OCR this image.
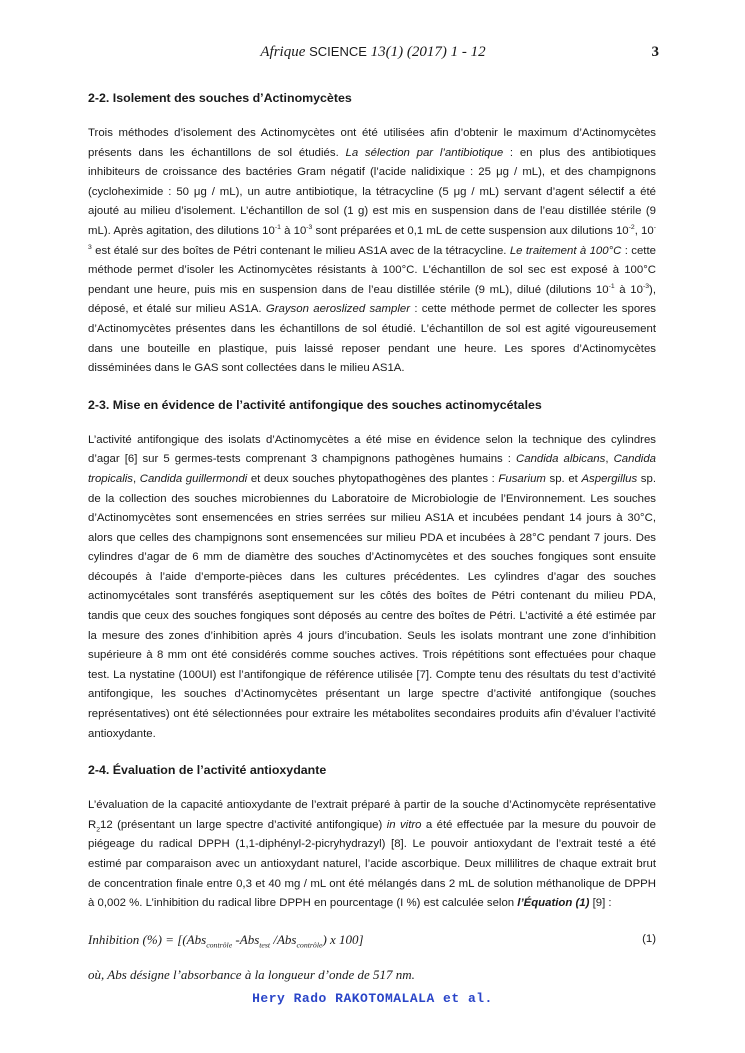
Afrique SCIENCE 13(1) (2017) 1 - 12	3
2-2. Isolement des souches d’Actinomycètes

Trois méthodes d’isolement des Actinomycètes ont été utilisées afin d’obtenir le maximum d’Actinomycètes présents dans les échantillons de sol étudiés. La sélection par l’antibiotique : en plus des antibiotiques inhibiteurs de croissance des bactéries Gram négatif (l’acide nalidixique : 25 μg / mL), et des champignons (cycloheximide : 50 μg / mL), un autre antibiotique, la tétracycline (5 μg / mL) servant d’agent sélectif a été ajouté au milieu d’isolement. L’échantillon de sol (1 g) est mis en suspension dans de l’eau distillée stérile (9 mL). Après agitation, des dilutions $10^{-1}$ à $10^{-3}$ sont préparées et 0,1 mL de cette suspension aux dilutions $10^{-2}$, $10^{-3}$ est étalé sur des boîtes de Pétri contenant le milieu AS1A avec de la tétracycline. Le traitement à 100°C : cette méthode permet d’isoler les Actinomycètes résistants à 100°C. L’échantillon de sol sec est exposé à 100°C pendant une heure, puis mis en suspension dans de l’eau distillée stérile (9 mL), dilué (dilutions $10^{-1}$ à $10^{-3}$), déposé, et étalé sur milieu AS1A. Grayson aeroslized sampler : cette méthode permet de collecter les spores d’Actinomycètes présentes dans les échantillons de sol étudié. L’échantillon de sol est agité vigoureusement dans une bouteille en plastique, puis laissé reposer pendant une heure. Les spores d’Actinomycètes disséminées dans le GAS sont collectées dans le milieu AS1A.

2-3. Mise en évidence de l’activité antifongique des souches actinomycétales

L’activité antifongique des isolats d’Actinomycètes a été mise en évidence selon la technique des cylindres d’agar [6] sur 5 germes-tests comprenant 3 champignons pathogènes humains : Candida albicans, Candida tropicalis, Candida guillermondi et deux souches phytopathogènes des plantes : Fusarium sp. et Aspergillus sp. de la collection des souches microbiennes du Laboratoire de Microbiologie de l’Environnement. Les souches d’Actinomycètes sont ensemencées en stries serrées sur milieu AS1A et incubées pendant 14 jours à 30°C, alors que celles des champignons sont ensemencées sur milieu PDA et incubées à 28°C pendant 7 jours. Des cylindres d’agar de 6 mm de diamètre des souches d’Actinomycètes et des souches fongiques sont ensuite découpés à l’aide d’emporte-pièces dans les cultures précédentes. Les cylindres d’agar des souches actinomycétales sont transférés aseptiquement sur les côtés des boîtes de Pétri contenant du milieu PDA, tandis que ceux des souches fongiques sont déposés au centre des boîtes de Pétri. L’activité a été estimée par la mesure des zones d’inhibition après 4 jours d’incubation. Seuls les isolats montrant une zone d’inhibition supérieure à 8 mm ont été considérés comme souches actives. Trois répétitions sont effectuées pour chaque test. La nystatine (100UI) est l’antifongique de référence utilisée [7]. Compte tenu des résultats du test d’activité antifongique, les souches d’Actinomycètes présentant un large spectre d’activité antifongique (souches représentatives) ont été sélectionnées pour extraire les métabolites secondaires produits afin d’évaluer l’activité antioxydante.

2-4. Évaluation de l’activité antioxydante

L’évaluation de la capacité antioxydante de l’extrait préparé à partir de la souche d’Actinomycète représentative $R_212$ (présentant un large spectre d’activité antifongique) in vitro a été effectuée par la mesure du pouvoir de piégeage du radical DPPH (1,1-diphényl-2-picryhydrazyl) [8]. Le pouvoir antioxydant de l’extrait testé a été estimé par comparaison avec un antioxydant naturel, l’acide ascorbique. Deux millilitres de chaque extrait brut de concentration finale entre 0,3 et 40 mg / mL ont été mélangés dans 2 mL de solution méthanolique de DPPH à 0,002 %. L’inhibition du radical libre DPPH en pourcentage (I %) est calculée selon l’Équation (1) [9] :

Inhibition (%) = [(Abs$_{contrôle}$ -Abs$_{test}$ /Abs$_{contrôle}$) x 100]	(1)

où, Abs désigne l’absorbance à la longueur d’onde de 517 nm.

Hery Rado RAKOTOMALALA et al.
